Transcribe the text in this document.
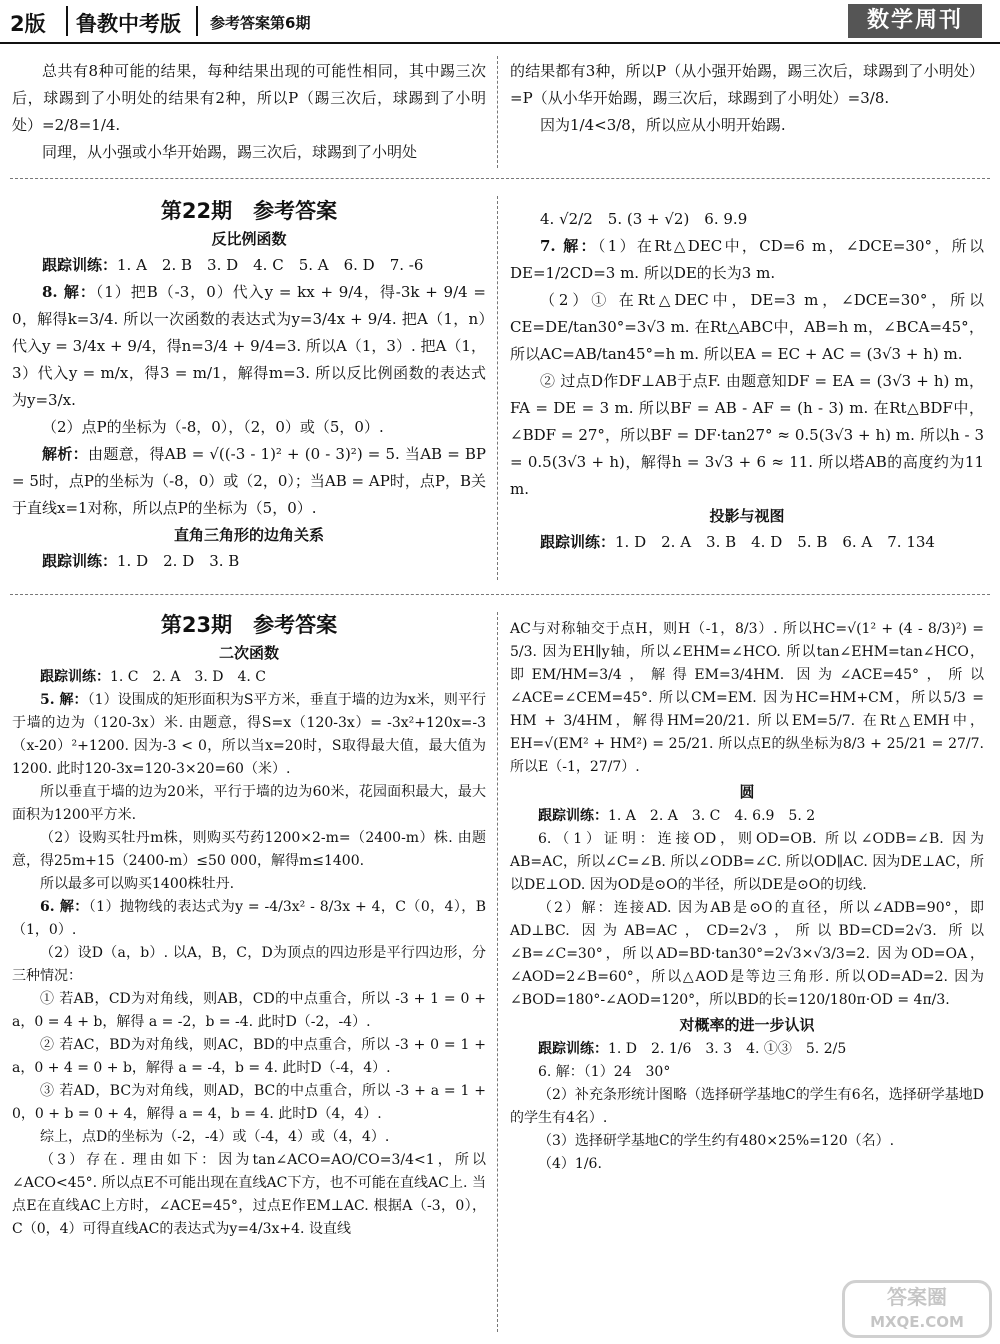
2版 鲁教中考版 参考答案第6期	数学周刊

总共有8种可能的结果，每种结果出现的可能性相同，其中踢三次后，球踢到了小明处的结果有2种，所以P（踢三次后，球踢到了小明处）=2/8=1/4.

同理，从小强或小华开始踢，踢三次后，球踢到了小明处

的结果都有3种，所以P（从小强开始踢，踢三次后，球踢到了小明处）=P（从小华开始踢，踢三次后，球踢到了小明处）=3/8.

因为1/4<3/8，所以应从小明开始踢.

第22期　参考答案
反比例函数

跟踪训练：1. A　2. B　3. D　4. C　5. A　6. D　7. -6

8. 解：（1）把B（-3，0）代入y = kx + 9/4，得-3k + 9/4 = 0，解得k=3/4. 所以一次函数的表达式为y=3/4x + 9/4. 把A（1，n）代入y = 3/4x + 9/4，得n=3/4 + 9/4=3. 所以A（1，3）. 把A（1，3）代入y = m/x，得3 = m/1，解得m=3. 所以反比例函数的表达式为y=3/x.

（2）点P的坐标为（-8，0），（2，0）或（5，0）.

解析：由题意，得AB = √((-3 - 1)² + (0 - 3)²) = 5. 当AB = BP = 5时，点P的坐标为（-8，0）或（2，0）；当AB = AP时，点P，B关于直线x=1对称，所以点P的坐标为（5，0）.

直角三角形的边角关系

跟踪训练：1. D　2. D　3. B

4. √2/2　5. (3 + √2)　6. 9.9

7. 解：（1）在Rt△DEC中，CD=6 m，∠DCE=30°，所以DE=1/2CD=3 m. 所以DE的长为3 m.

（2）① 在Rt△DEC中，DE=3 m，∠DCE=30°，所以CE=DE/tan30°=3√3 m. 在Rt△ABC中，AB=h m，∠BCA=45°，所以AC=AB/tan45°=h m. 所以EA = EC + AC = (3√3 + h) m.

② 过点D作DF⊥AB于点F. 由题意知DF = EA = (3√3 + h) m，FA = DE = 3 m. 所以BF = AB - AF = (h - 3) m. 在Rt△BDF中，∠BDF = 27°，所以BF = DF·tan27° ≈ 0.5(3√3 + h) m. 所以h - 3 = 0.5(3√3 + h)，解得h = 3√3 + 6 ≈ 11. 所以塔AB的高度约为11 m.

投影与视图

跟踪训练：1. D　2. A　3. B　4. D　5. B　6. A　7. 134

第23期　参考答案
二次函数

跟踪训练：1. C　2. A　3. D　4. C

5. 解：（1）设围成的矩形面积为S平方米，垂直于墙的边为x米，则平行于墙的边为（120-3x）米. 由题意，得S=x（120-3x）= -3x²+120x=-3（x-20）²+1200. 因为-3 < 0，所以当x=20时，S取得最大值，最大值为1200. 此时120-3x=120-3×20=60（米）.

所以垂直于墙的边为20米，平行于墙的边为60米，花园面积最大，最大面积为1200平方米.

（2）设购买牡丹m株，则购买芍药1200×2-m=（2400-m）株. 由题意，得25m+15（2400-m）≤50 000，解得m≤1400.

所以最多可以购买1400株牡丹.

6. 解：（1）抛物线的表达式为y = -4/3x² - 8/3x + 4，C（0，4），B（1，0）.

（2）设D（a，b）. 以A，B，C，D为顶点的四边形是平行四边形，分三种情况：

① 若AB，CD为对角线，则AB，CD的中点重合，所以 -3 + 1 = 0 + a，0 = 4 + b，解得 a = -2，b = -4. 此时D（-2，-4）.

② 若AC，BD为对角线，则AC，BD的中点重合，所以 -3 + 0 = 1 + a，0 + 4 = 0 + b，解得 a = -4，b = 4. 此时D（-4，4）.

③ 若AD，BC为对角线，则AD，BC的中点重合，所以 -3 + a = 1 + 0，0 + b = 0 + 4，解得 a = 4，b = 4. 此时D（4，4）.

综上，点D的坐标为（-2，-4）或（-4，4）或（4，4）.

（3）存在. 理由如下：因为tan∠ACO=AO/CO=3/4<1，所以∠ACO<45°. 所以点E不可能出现在直线AC下方，也不可能在直线AC上. 当点E在直线AC上方时，∠ACE=45°，过点E作EM⊥AC. 根据A（-3，0），C（0，4）可得直线AC的表达式为y=4/3x+4. 设直线

AC与对称轴交于点H，则H（-1，8/3）. 所以HC=√(1² + (4 - 8/3)²) = 5/3. 因为EH∥y轴，所以∠EHM=∠HCO. 所以tan∠EHM=tan∠HCO，即EM/HM=3/4，解得EM=3/4HM. 因为∠ACE=45°，所以∠ACE=∠CEM=45°. 所以CM=EM. 因为HC=HM+CM，所以5/3 = HM + 3/4HM，解得HM=20/21. 所以EM=5/7. 在Rt△EMH中，EH=√(EM² + HM²) = 25/21. 所以点E的纵坐标为8/3 + 25/21 = 27/7. 所以E（-1，27/7）.

圆

跟踪训练：1. A　2. A　3. C　4. 6.9　5. 2

6.（1）证明：连接OD，则OD=OB. 所以∠ODB=∠B. 因为AB=AC，所以∠C=∠B. 所以∠ODB=∠C. 所以OD∥AC. 因为DE⊥AC，所以DE⊥OD. 因为OD是⊙O的半径，所以DE是⊙O的切线.

（2）解：连接AD. 因为AB是⊙O的直径，所以∠ADB=90°，即AD⊥BC. 因为AB=AC，CD=2√3，所以BD=CD=2√3. 所以∠B=∠C=30°，所以AD=BD·tan30°=2√3×√3/3=2. 因为OD=OA，∠AOD=2∠B=60°，所以△AOD是等边三角形. 所以OD=AD=2. 因为∠BOD=180°-∠AOD=120°，所以BD的长=120/180π·OD = 4π/3.

对概率的进一步认识

跟踪训练：1. D　2. 1/6　3. 3　4. ①③　5. 2/5

6. 解：（1）24　30°

（2）补充条形统计图略（选择研学基地C的学生有6名，选择研学基地D的学生有4名）.

（3）选择研学基地C的学生约有480×25%=120（名）.

（4）1/6.

答案圈
MXQE.COM
